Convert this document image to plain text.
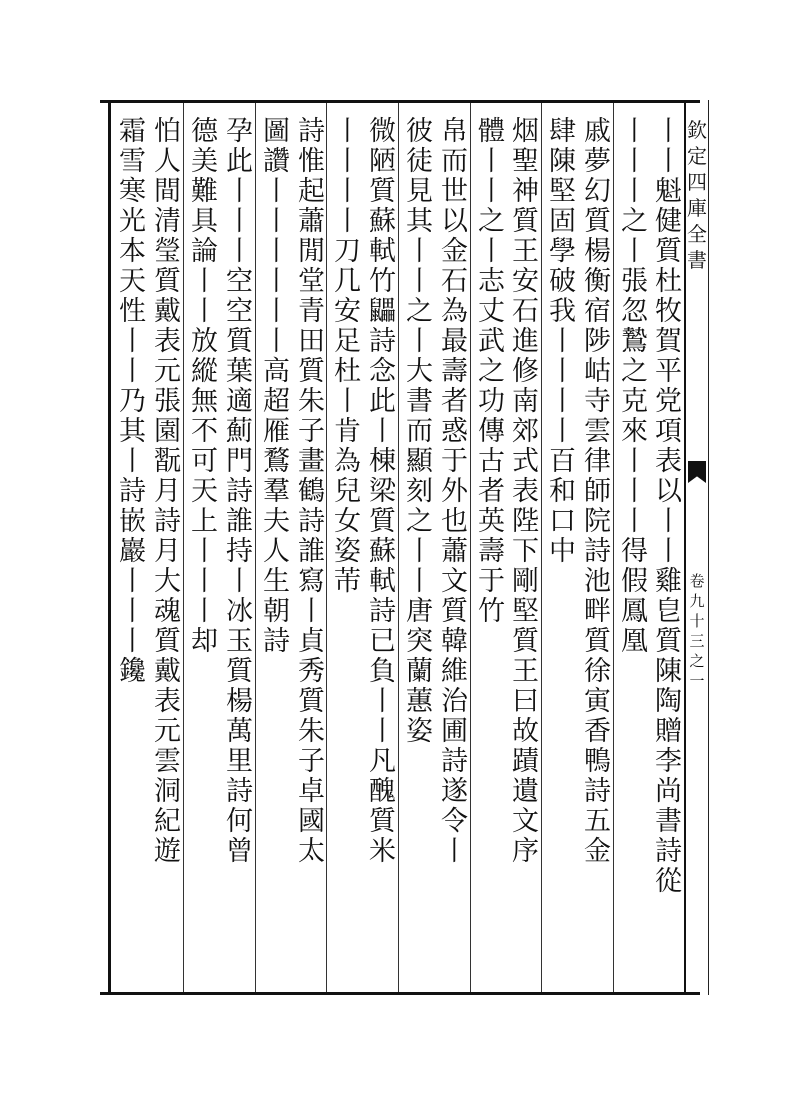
欽定四庫全書
卷九十三之一
丨丨魁健質杜牧賀平党項表以丨丨雞皀質陳陶贈李尚書詩從
丨丨丨之丨張忽鷙之克來丨丨丨得假鳳凰
戚夢幻質楊衡宿陟岵寺雲律師院詩池畔質徐寅香鴨詩五金
肆陳堅固學破我丨丨丨丨百和口中
烟聖神質王安石進修南郊式表陛下剛堅質王曰故蹟遺文序
體丨丨之丨志丈武之功傳古者英壽于竹
帛而世以金石為最壽者惑于外也蕭文質韓維治圃詩遂令丨
彼徒見其丨丨之丨大書而顯刻之丨丨唐突蘭蕙姿
微陋質蘇軾竹鼺詩念此丨棟梁質蘇軾詩已負丨丨凡醜質米
丨丨丨丨刀几安足杜丨肯為兒女姿芾
詩惟起蕭閒堂青田質朱子畫鶴詩誰寫丨貞秀質朱子卓國太
圖讚丨丨丨丨丨丨高超雁鶩羣夫人生朝詩
孕此丨丨丨空空質葉適薊門詩誰持丨冰玉質楊萬里詩何曾
德美難具論丨丨放縱無不可天上丨丨丨却
怕人間清瑩質戴表元張園翫月詩月大魂質戴表元雲洞紀遊
霜雪寒光本天性丨丨乃其丨詩嵌巖丨丨丨鑱
